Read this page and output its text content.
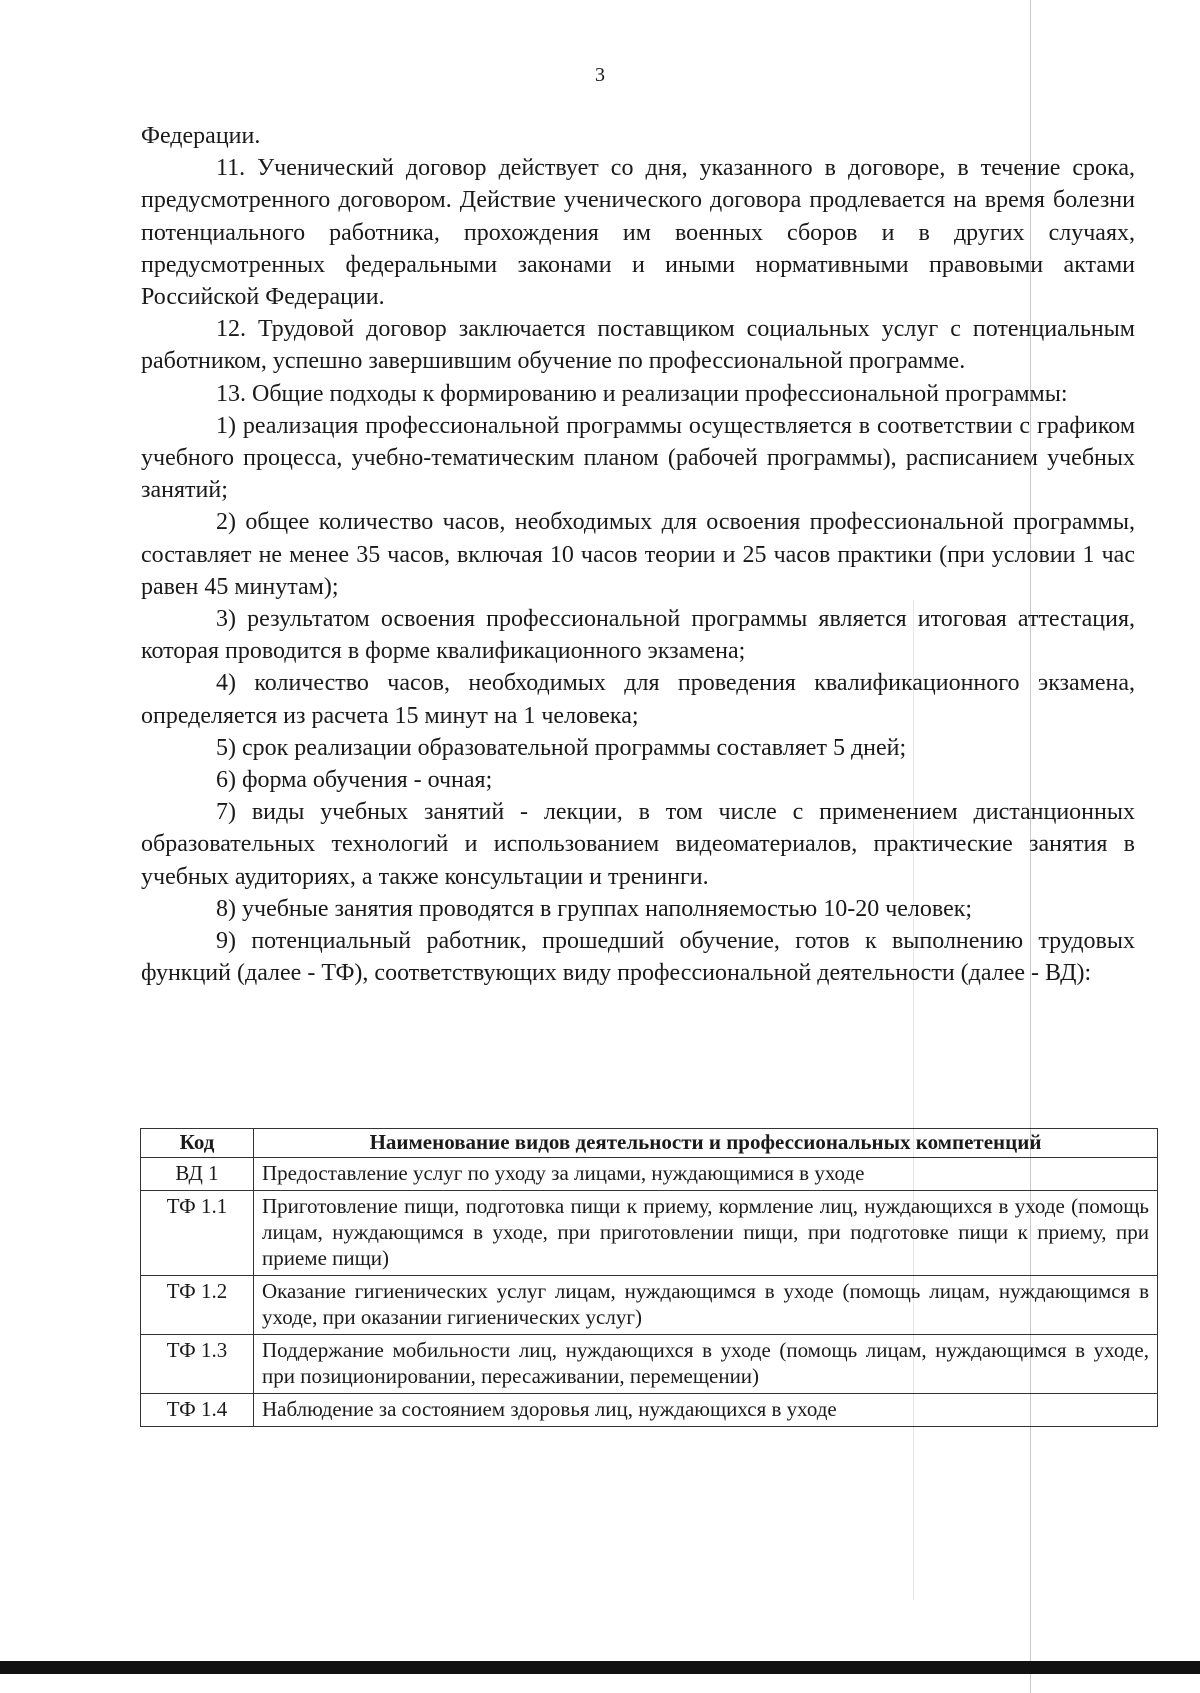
3

Федерации.

11. Ученический договор действует со дня, указанного в договоре, в течение срока, предусмотренного договором. Действие ученического договора продлевается на время болезни потенциального работника, прохождения им военных сборов и в других случаях, предусмотренных федеральными законами и иными нормативными правовыми актами Российской Федерации.

12. Трудовой договор заключается поставщиком социальных услуг с потенциальным работником, успешно завершившим обучение по профессиональной программе.

13. Общие подходы к формированию и реализации профессиональной программы:

1) реализация профессиональной программы осуществляется в соответствии с графиком учебного процесса, учебно-тематическим планом (рабочей программы), расписанием учебных занятий;

2) общее количество часов, необходимых для освоения профессиональной программы, составляет не менее 35 часов, включая 10 часов теории и 25 часов практики (при условии 1 час равен 45 минутам);

3) результатом освоения профессиональной программы является итоговая аттестация, которая проводится в форме квалификационного экзамена;

4) количество часов, необходимых для проведения квалификационного экзамена, определяется из расчета 15 минут на 1 человека;

5) срок реализации образовательной программы составляет 5 дней;

6) форма обучения - очная;

7) виды учебных занятий - лекции, в том числе с применением дистанционных образовательных технологий и использованием видеоматериалов, практические занятия в учебных аудиториях, а также консультации и тренинги.

8) учебные занятия проводятся в группах наполняемостью 10-20 человек;

9) потенциальный работник, прошедший обучение, готов к выполнению трудовых функций (далее - ТФ), соответствующих виду профессиональной деятельности (далее - ВД):

Код	Наименование видов деятельности и профессиональных компетенций
ВД 1	Предоставление услуг по уходу за лицами, нуждающимися в уходе
ТФ 1.1	Приготовление пищи, подготовка пищи к приему, кормление лиц, нуждающихся в уходе (помощь лицам, нуждающимся в уходе, при приготовлении пищи, при подготовке пищи к приему, при приеме пищи)
ТФ 1.2	Оказание гигиенических услуг лицам, нуждающимся в уходе (помощь лицам, нуждающимся в уходе, при оказании гигиенических услуг)
ТФ 1.3	Поддержание мобильности лиц, нуждающихся в уходе (помощь лицам, нуждающимся в уходе, при позиционировании, пересаживании, перемещении)
ТФ 1.4	Наблюдение за состоянием здоровья лиц, нуждающихся в уходе
